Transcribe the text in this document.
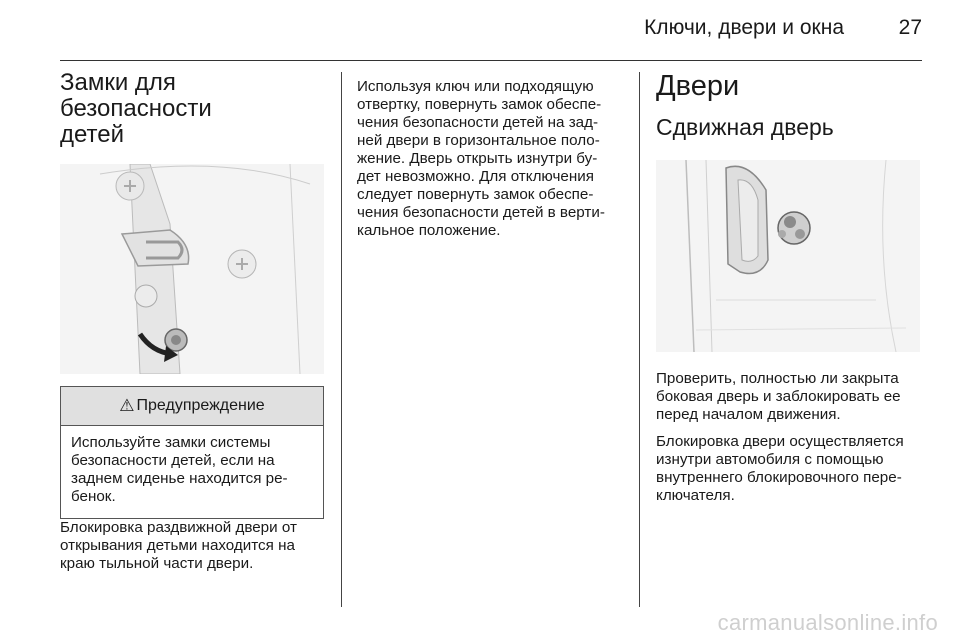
Ключи, двери и окна	27
Замки для безопасности
детей
⚠ Предупреждение

Используйте замки системы
безопасности детей, если на
заднем сиденье находится ре-
бенок.

Блокировка раздвижной двери от
открывания детьми находится на
краю тыльной части двери.

Используя ключ или подходящую
отвертку, повернуть замок обеспе-
чения безопасности детей на зад-
ней двери в горизонтальное поло-
жение. Дверь открыть изнутри бу-
дет невозможно. Для отключения
следует повернуть замок обеспе-
чения безопасности детей в верти-
кальное положение.

Двери
Сдвижная дверь

Проверить, полностью ли закрыта
боковая дверь и заблокировать ее
перед началом движения.

Блокировка двери осуществляется
изнутри автомобиля с помощью
внутреннего блокировочного пере-
ключателя.

carmanualsonline.info
